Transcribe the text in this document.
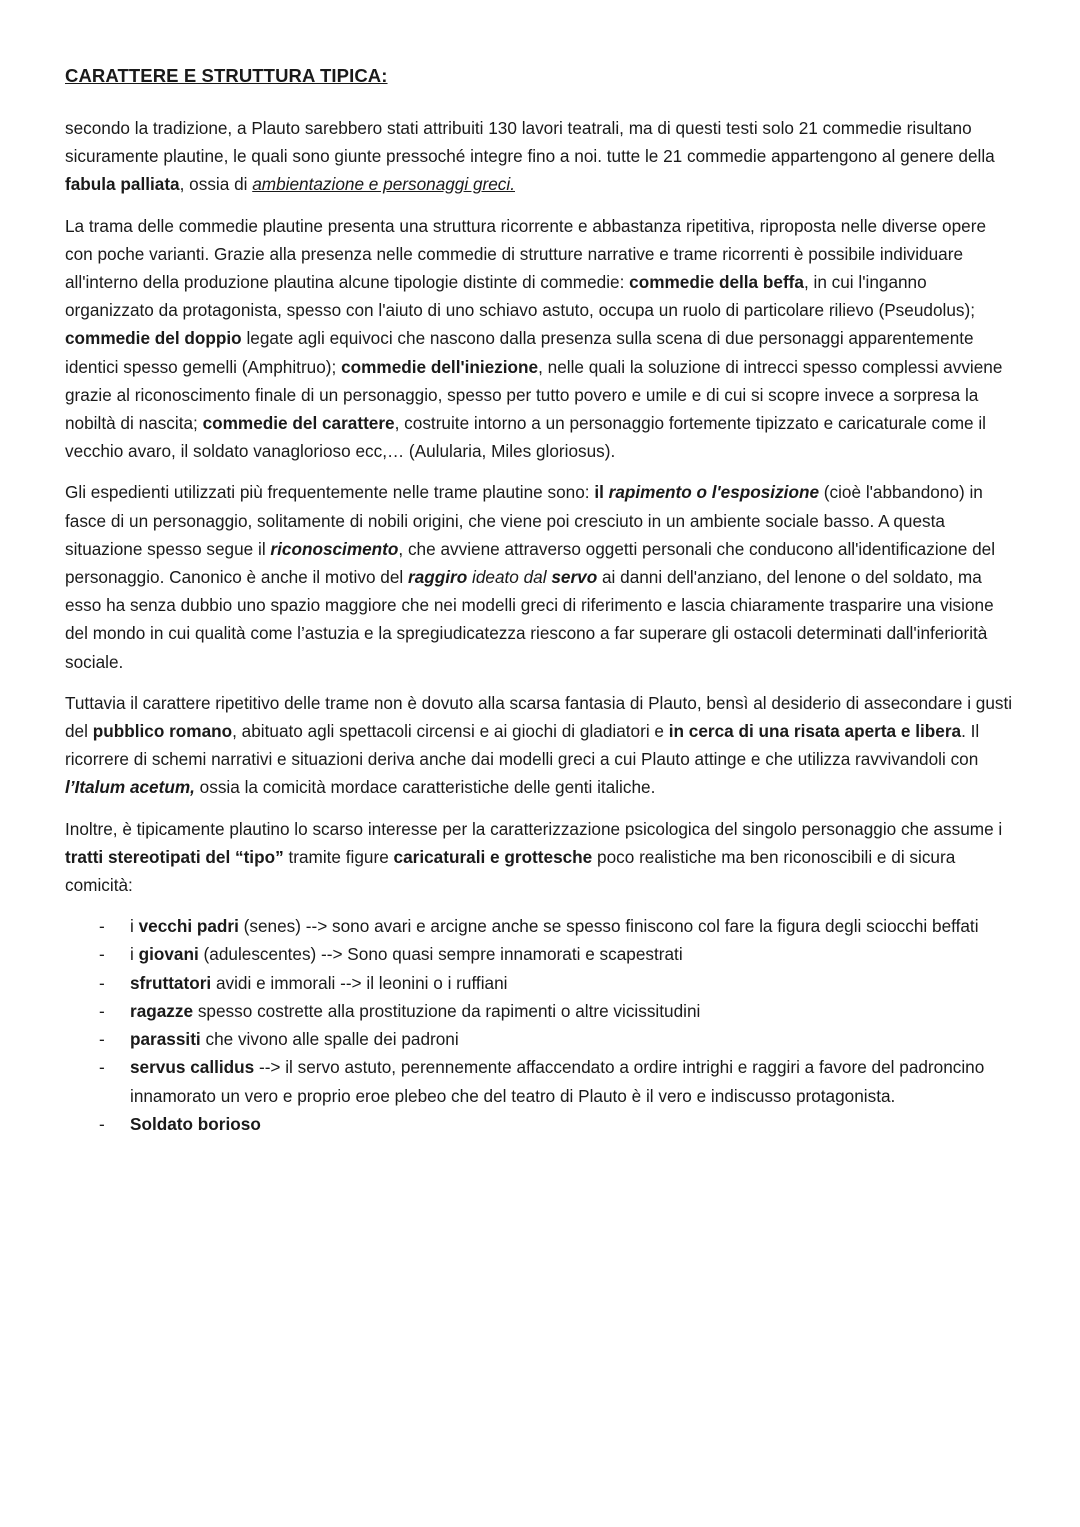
CARATTERE E STRUTTURA TIPICA:

secondo la tradizione, a Plauto sarebbero stati attribuiti 130 lavori teatrali, ma di questi testi solo 21 commedie risultano sicuramente plautine, le quali sono giunte pressoché integre fino a noi. tutte le 21 commedie appartengono al genere della fabula palliata, ossia di ambientazione e personaggi greci.

La trama delle commedie plautine presenta una struttura ricorrente e abbastanza ripetitiva, riproposta nelle diverse opere con poche varianti. Grazie alla presenza nelle commedie di strutture narrative e trame ricorrenti è possibile individuare all'interno della produzione plautina alcune tipologie distinte di commedie: commedie della beffa, in cui l'inganno organizzato da protagonista, spesso con l'aiuto di uno schiavo astuto, occupa un ruolo di particolare rilievo (Pseudolus); commedie del doppio legate agli equivoci che nascono dalla presenza sulla scena di due personaggi apparentemente identici spesso gemelli (Amphitruo); commedie dell'iniezione, nelle quali la soluzione di intrecci spesso complessi avviene grazie al riconoscimento finale di un personaggio, spesso per tutto povero e umile e di cui si scopre invece a sorpresa la nobiltà di nascita; commedie del carattere, costruite intorno a un personaggio fortemente tipizzato e caricaturale come il vecchio avaro, il soldato vanaglorioso ecc,… (Aulularia, Miles gloriosus).

Gli espedienti utilizzati più frequentemente nelle trame plautine sono: il rapimento o l'esposizione (cioè l'abbandono) in fasce di un personaggio, solitamente di nobili origini, che viene poi cresciuto in un ambiente sociale basso. A questa situazione spesso segue il riconoscimento, che avviene attraverso oggetti personali che conducono all'identificazione del personaggio. Canonico è anche il motivo del raggiro ideato dal servo ai danni dell'anziano, del lenone o del soldato, ma esso ha senza dubbio uno spazio maggiore che nei modelli greci di riferimento e lascia chiaramente trasparire una visione del mondo in cui qualità come l’astuzia e la spregiudicatezza riescono a far superare gli ostacoli determinati dall'inferiorità sociale.

Tuttavia il carattere ripetitivo delle trame non è dovuto alla scarsa fantasia di Plauto, bensì al desiderio di assecondare i gusti del pubblico romano, abituato agli spettacoli circensi e ai giochi di gladiatori e in cerca di una risata aperta e libera. Il ricorrere di schemi narrativi e situazioni deriva anche dai modelli greci a cui Plauto attinge e che utilizza ravvivandoli con l’Italum acetum, ossia la comicità mordace caratteristiche delle genti italiche.

Inoltre, è tipicamente plautino lo scarso interesse per la caratterizzazione psicologica del singolo personaggio che assume i tratti stereotipati del “tipo” tramite figure caricaturali e grottesche poco realistiche ma ben riconoscibili e di sicura comicità:

- i vecchi padri (senes) --> sono avari e arcigne anche se spesso finiscono col fare la figura degli sciocchi beffati
- i giovani (adulescentes) --> Sono quasi sempre innamorati e scapestrati
- sfruttatori avidi e immorali --> il leonini o i ruffiani
- ragazze spesso costrette alla prostituzione da rapimenti o altre vicissitudini
- parassiti che vivono alle spalle dei padroni
- servus callidus --> il servo astuto, perennemente affaccendato a ordire intrighi e raggiri a favore del padroncino innamorato un vero e proprio eroe plebeo che del teatro di Plauto è il vero e indiscusso protagonista.
- Soldato borioso
